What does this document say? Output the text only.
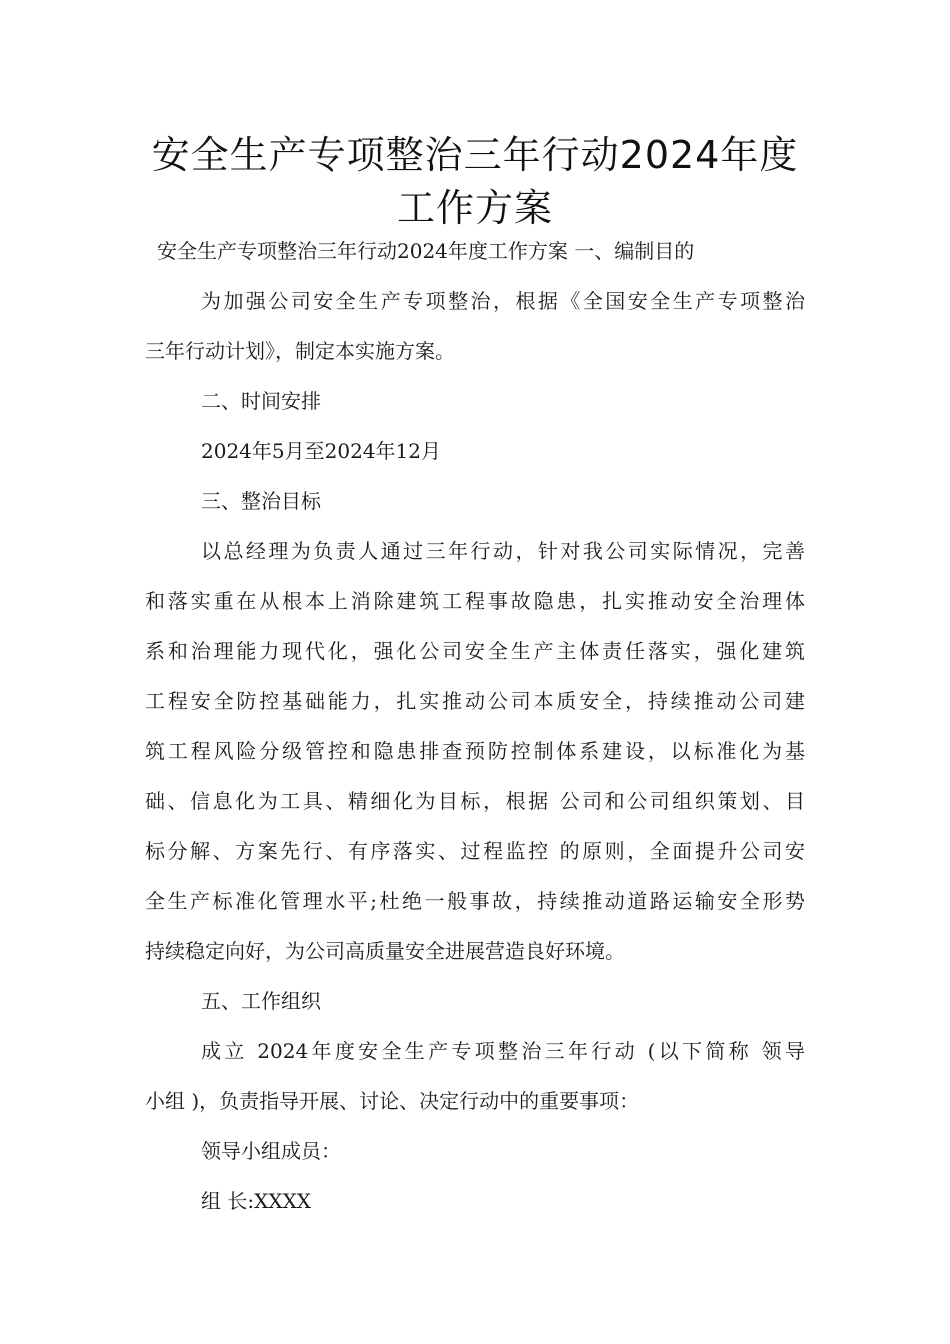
安全生产专项整治三年行动2024年度
工作方案
安全生产专项整治三年行动2024年度工作方案 一、编制目的
为加强公司安全生产专项整治，根据《全国安全生产专项整治
三年行动计划》，制定本实施方案。
二、时间安排
2024年5月至2024年12月
三、整治目标
以总经理为负责人通过三年行动，针对我公司实际情况，完善
和落实重在从根本上消除建筑工程事故隐患，扎实推动安全治理体
系和治理能力现代化，强化公司安全生产主体责任落实，强化建筑
工程安全防控基础能力，扎实推动公司本质安全，持续推动公司建
筑工程风险分级管控和隐患排查预防控制体系建设，以标准化为基
础、信息化为工具、精细化为目标，根据 公司和公司组织策划、目
标分解、方案先行、有序落实、过程监控 的原则，全面提升公司安
全生产标准化管理水平;杜绝一般事故，持续推动道路运输安全形势
持续稳定向好，为公司高质量安全进展营造良好环境。
五、工作组织
成立 2024年度安全生产专项整治三年行动 (以下简称 领导
小组 )，负责指导开展、讨论、决定行动中的重要事项：
领导小组成员：
组 长:XXXX
